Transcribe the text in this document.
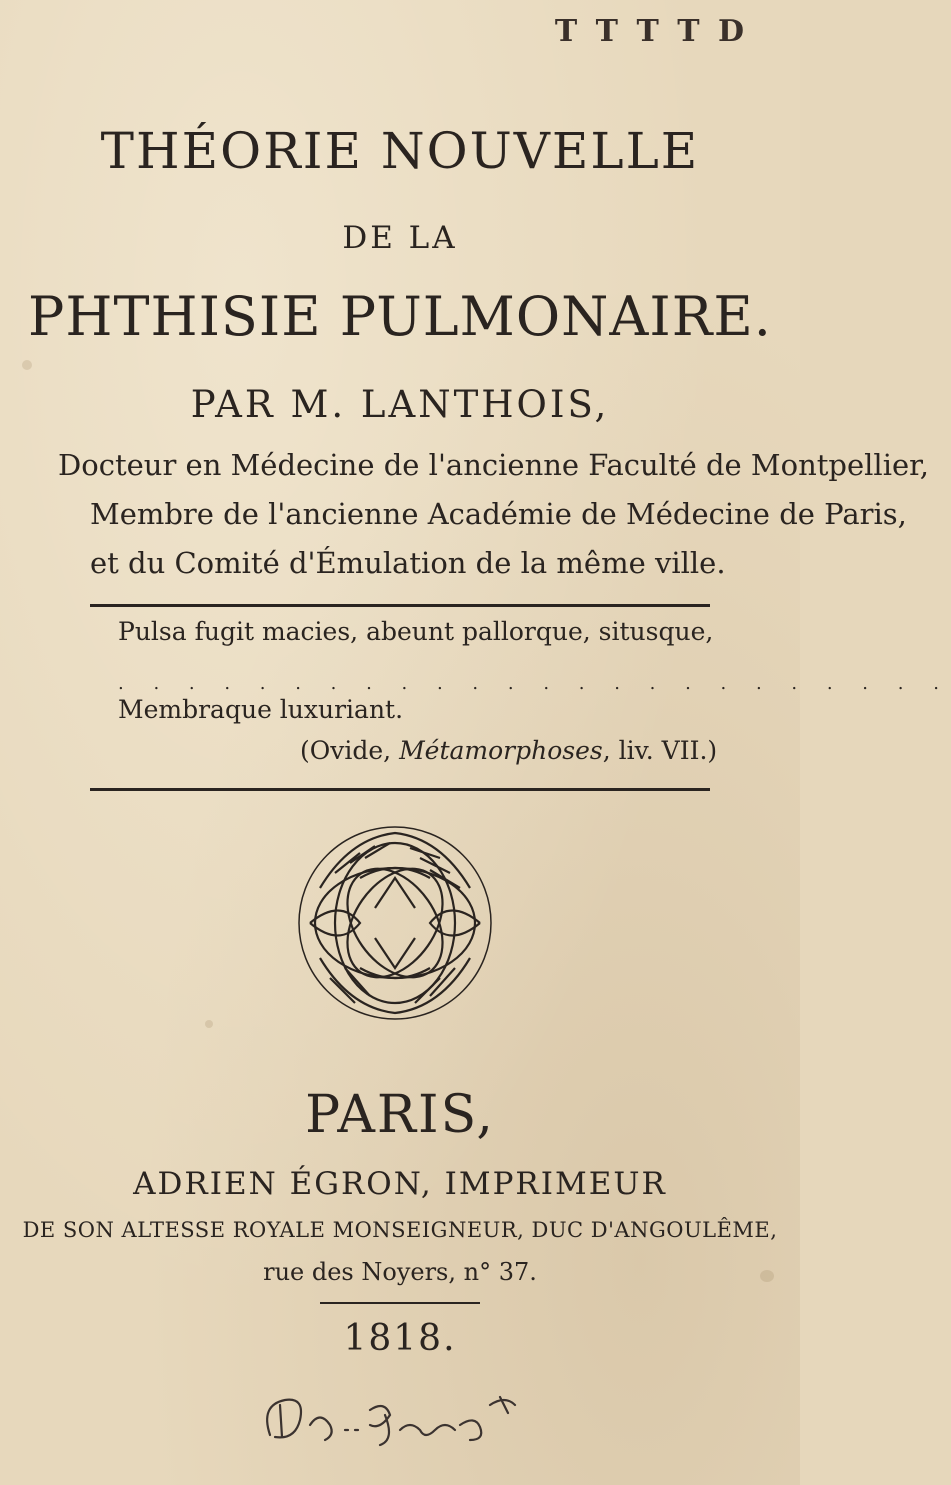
T T T T D
THÉORIE NOUVELLE
DE LA
PHTHISIE PULMONAIRE.
PAR M. LANTHOIS,
Docteur en Médecine de l'ancienne Faculté de Montpellier,
Membre de l'ancienne Académie de Médecine de Paris,
et du Comité d'Émulation de la même ville.
Pulsa fugit macies, abeunt pallorque, situsque,
. . . . . . . . . . . . . . . . . . . . . . . .
Membraque luxuriant.
(Ovide, Métamorphoses, liv. VII.)
PARIS,
ADRIEN ÉGRON, IMPRIMEUR
DE SON ALTESSE ROYALE MONSEIGNEUR, DUC D'ANGOULÊME,
rue des Noyers, n° 37.
1818.
